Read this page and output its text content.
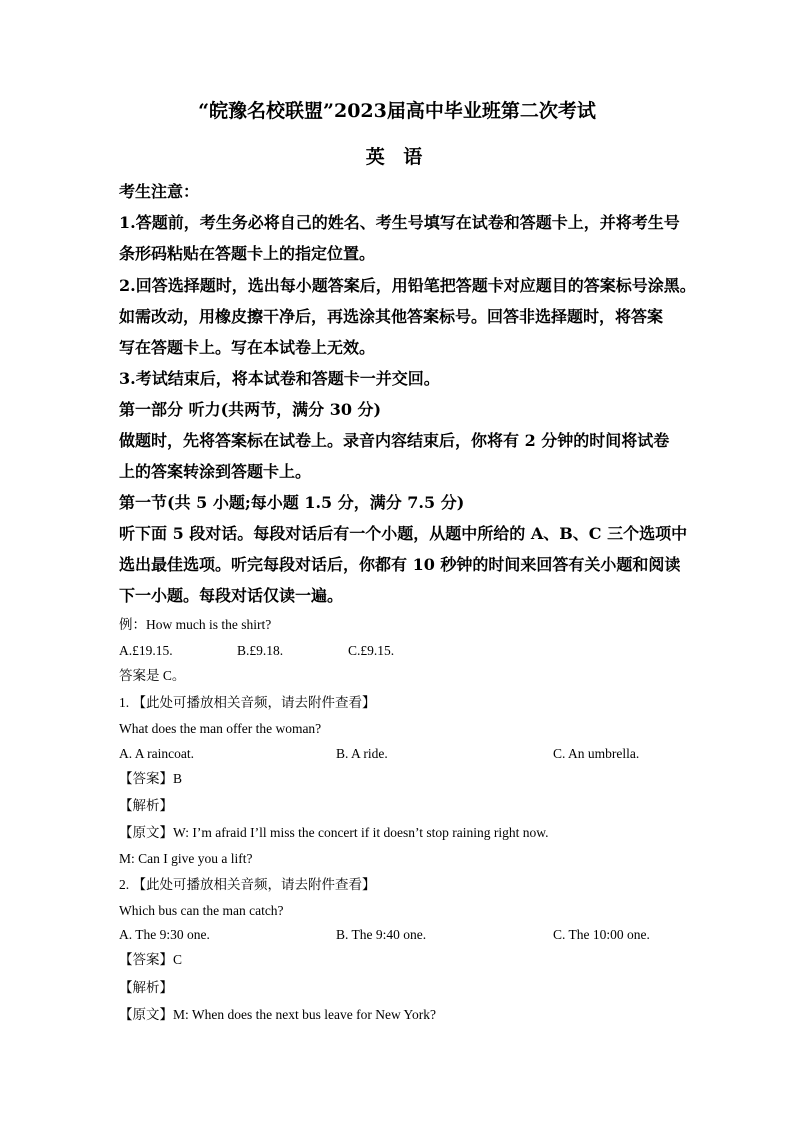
“皖豫名校联盟”2023届高中毕业班第二次考试
英 语
考生注意：
1.答题前，考生务必将自己的姓名、考生号填写在试卷和答题卡上，并将考生号
条形码粘贴在答题卡上的指定位置。
2.回答选择题时，选出每小题答案后，用铅笔把答题卡对应题目的答案标号涂黑。
如需改动，用橡皮擦干净后，再选涂其他答案标号。回答非选择题时，将答案
写在答题卡上。写在本试卷上无效。
3.考试结束后，将本试卷和答题卡一并交回。
第一部分 听力(共两节，满分 30 分)
做题时，先将答案标在试卷上。录音内容结束后，你将有 2 分钟的时间将试卷
上的答案转涂到答题卡上。
第一节(共 5 小题;每小题 1.5 分，满分 7.5 分)
听下面 5 段对话。每段对话后有一个小题，从题中所给的 A、B、C 三个选项中
选出最佳选项。听完每段对话后，你都有 10 秒钟的时间来回答有关小题和阅读
下一小题。每段对话仅读一遍。
例：How much is the shirt?
A.£19.15.	B.£9.18.	C.£9.15.
答案是 C。
1. 【此处可播放相关音频，请去附件查看】
What does the man offer the woman?
A. A raincoat.	B. A ride.	C. An umbrella.
【答案】B
【解析】
【原文】W: I’m afraid I’ll miss the concert if it doesn’t stop raining right now.
M: Can I give you a lift?
2. 【此处可播放相关音频，请去附件查看】
Which bus can the man catch?
A. The 9:30 one.	B. The 9:40 one.	C. The 10:00 one.
【答案】C
【解析】
【原文】M: When does the next bus leave for New York?
